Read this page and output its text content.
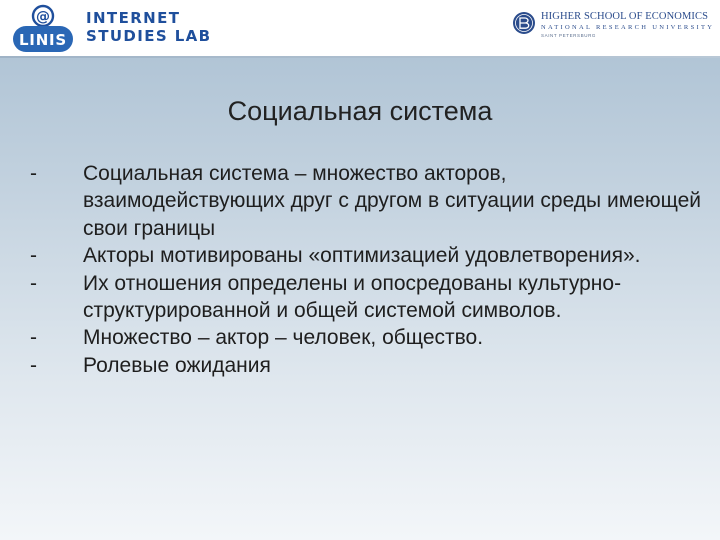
@
LINIS
INTERNET
STUDIES LAB
HIGHER SCHOOL OF ECONOMICS
NATIONAL RESEARCH UNIVERSITY
SAINT PETERSBURG
Социальная система
- Социальная система – множество акторов, взаимодействующих друг с другом в ситуации среды имеющей свои границы
- Акторы мотивированы «оптимизацией удовлетворения».
- Их отношения определены и опосредованы культурно-структурированной и общей системой символов.
- Множество – актор – человек, общество.
- Ролевые ожидания
